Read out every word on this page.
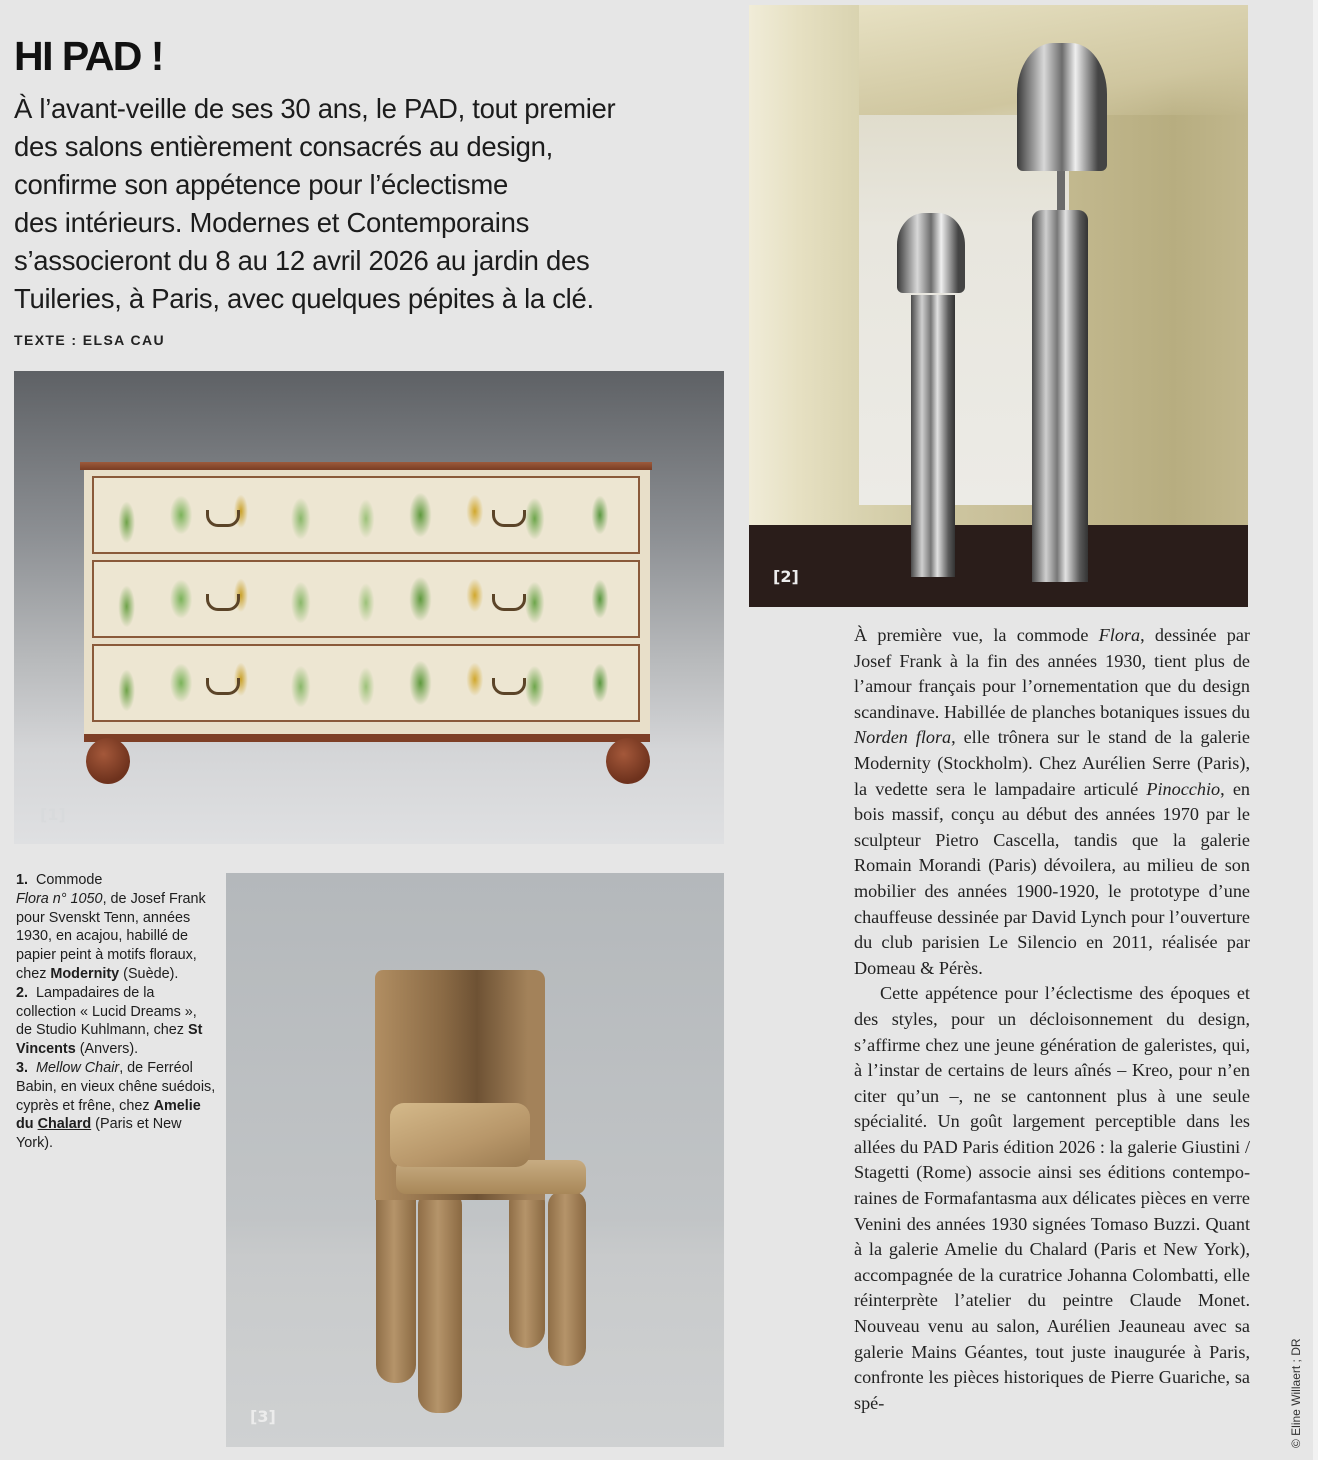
HI PAD !
À l’avant-veille de ses 30 ans, le PAD, tout premier
des salons entièrement consacrés au design,
confirme son appétence pour l’éclectisme
des intérieurs. Modernes et Contemporains
s’associeront du 8 au 12 avril 2026 au jardin des
Tuileries, à Paris, avec quelques pépites à la clé.
TEXTE : ELSA CAU
[1]
[2]
[3]
1. Commode
Flora n° 1050, de Josef Frank pour Svenskt Tenn, années 1930, en acajou, habillé de papier peint à motifs floraux, chez Modernity (Suède).
2. Lampadaires de la collection « Lucid Dreams », de Studio Kuhlmann, chez St Vincents (Anvers).
3. Mellow Chair, de Ferréol Babin, en vieux chêne suédois, cyprès et frêne, chez Amelie du Chalard (Paris et New York).

À première vue, la commode Flora, dessinée par Josef Frank à la fin des années 1930, tient plus de l’amour français pour l’ornementation que du design scandinave. Habillée de planches botaniques issues du Norden flora, elle trônera sur le stand de la galerie Modernity (Stockholm). Chez Aurélien Serre (Paris), la vedette sera le lampadaire articulé Pinocchio, en bois massif, conçu au début des années 1970 par le sculpteur Pietro Cascella, tandis que la galerie Romain Morandi (Paris) dévoilera, au milieu de son mobilier des années 1900-1920, le prototype d’une chauffeuse dessinée par David Lynch pour l’ouverture du club parisien Le Silencio en 2011, réalisée par Domeau & Pérès.

Cette appétence pour l’éclectisme des époques et des styles, pour un décloisonnement du design, s’affirme chez une jeune génération de galeristes, qui, à l’instar de certains de leurs aînés – Kreo, pour n’en citer qu’un –, ne se cantonnent plus à une seule spécialité. Un goût largement perceptible dans les allées du PAD Paris édition 2026 : la galerie Giustini / Stagetti (Rome) associe ainsi ses éditions contemporaines de Formafantasma aux délicates pièces en verre Venini des années 1930 signées Tomaso Buzzi. Quant à la galerie Amelie du Chalard (Paris et New York), accompagnée de la curatrice Johanna Colombatti, elle réinterprète l’atelier du peintre Claude Monet. Nouveau venu au salon, Aurélien Jeauneau avec sa galerie Mains Géantes, tout juste inaugurée à Paris, confronte les pièces historiques de Pierre Guariche, sa spé-	© Eline Willaert ; DR
